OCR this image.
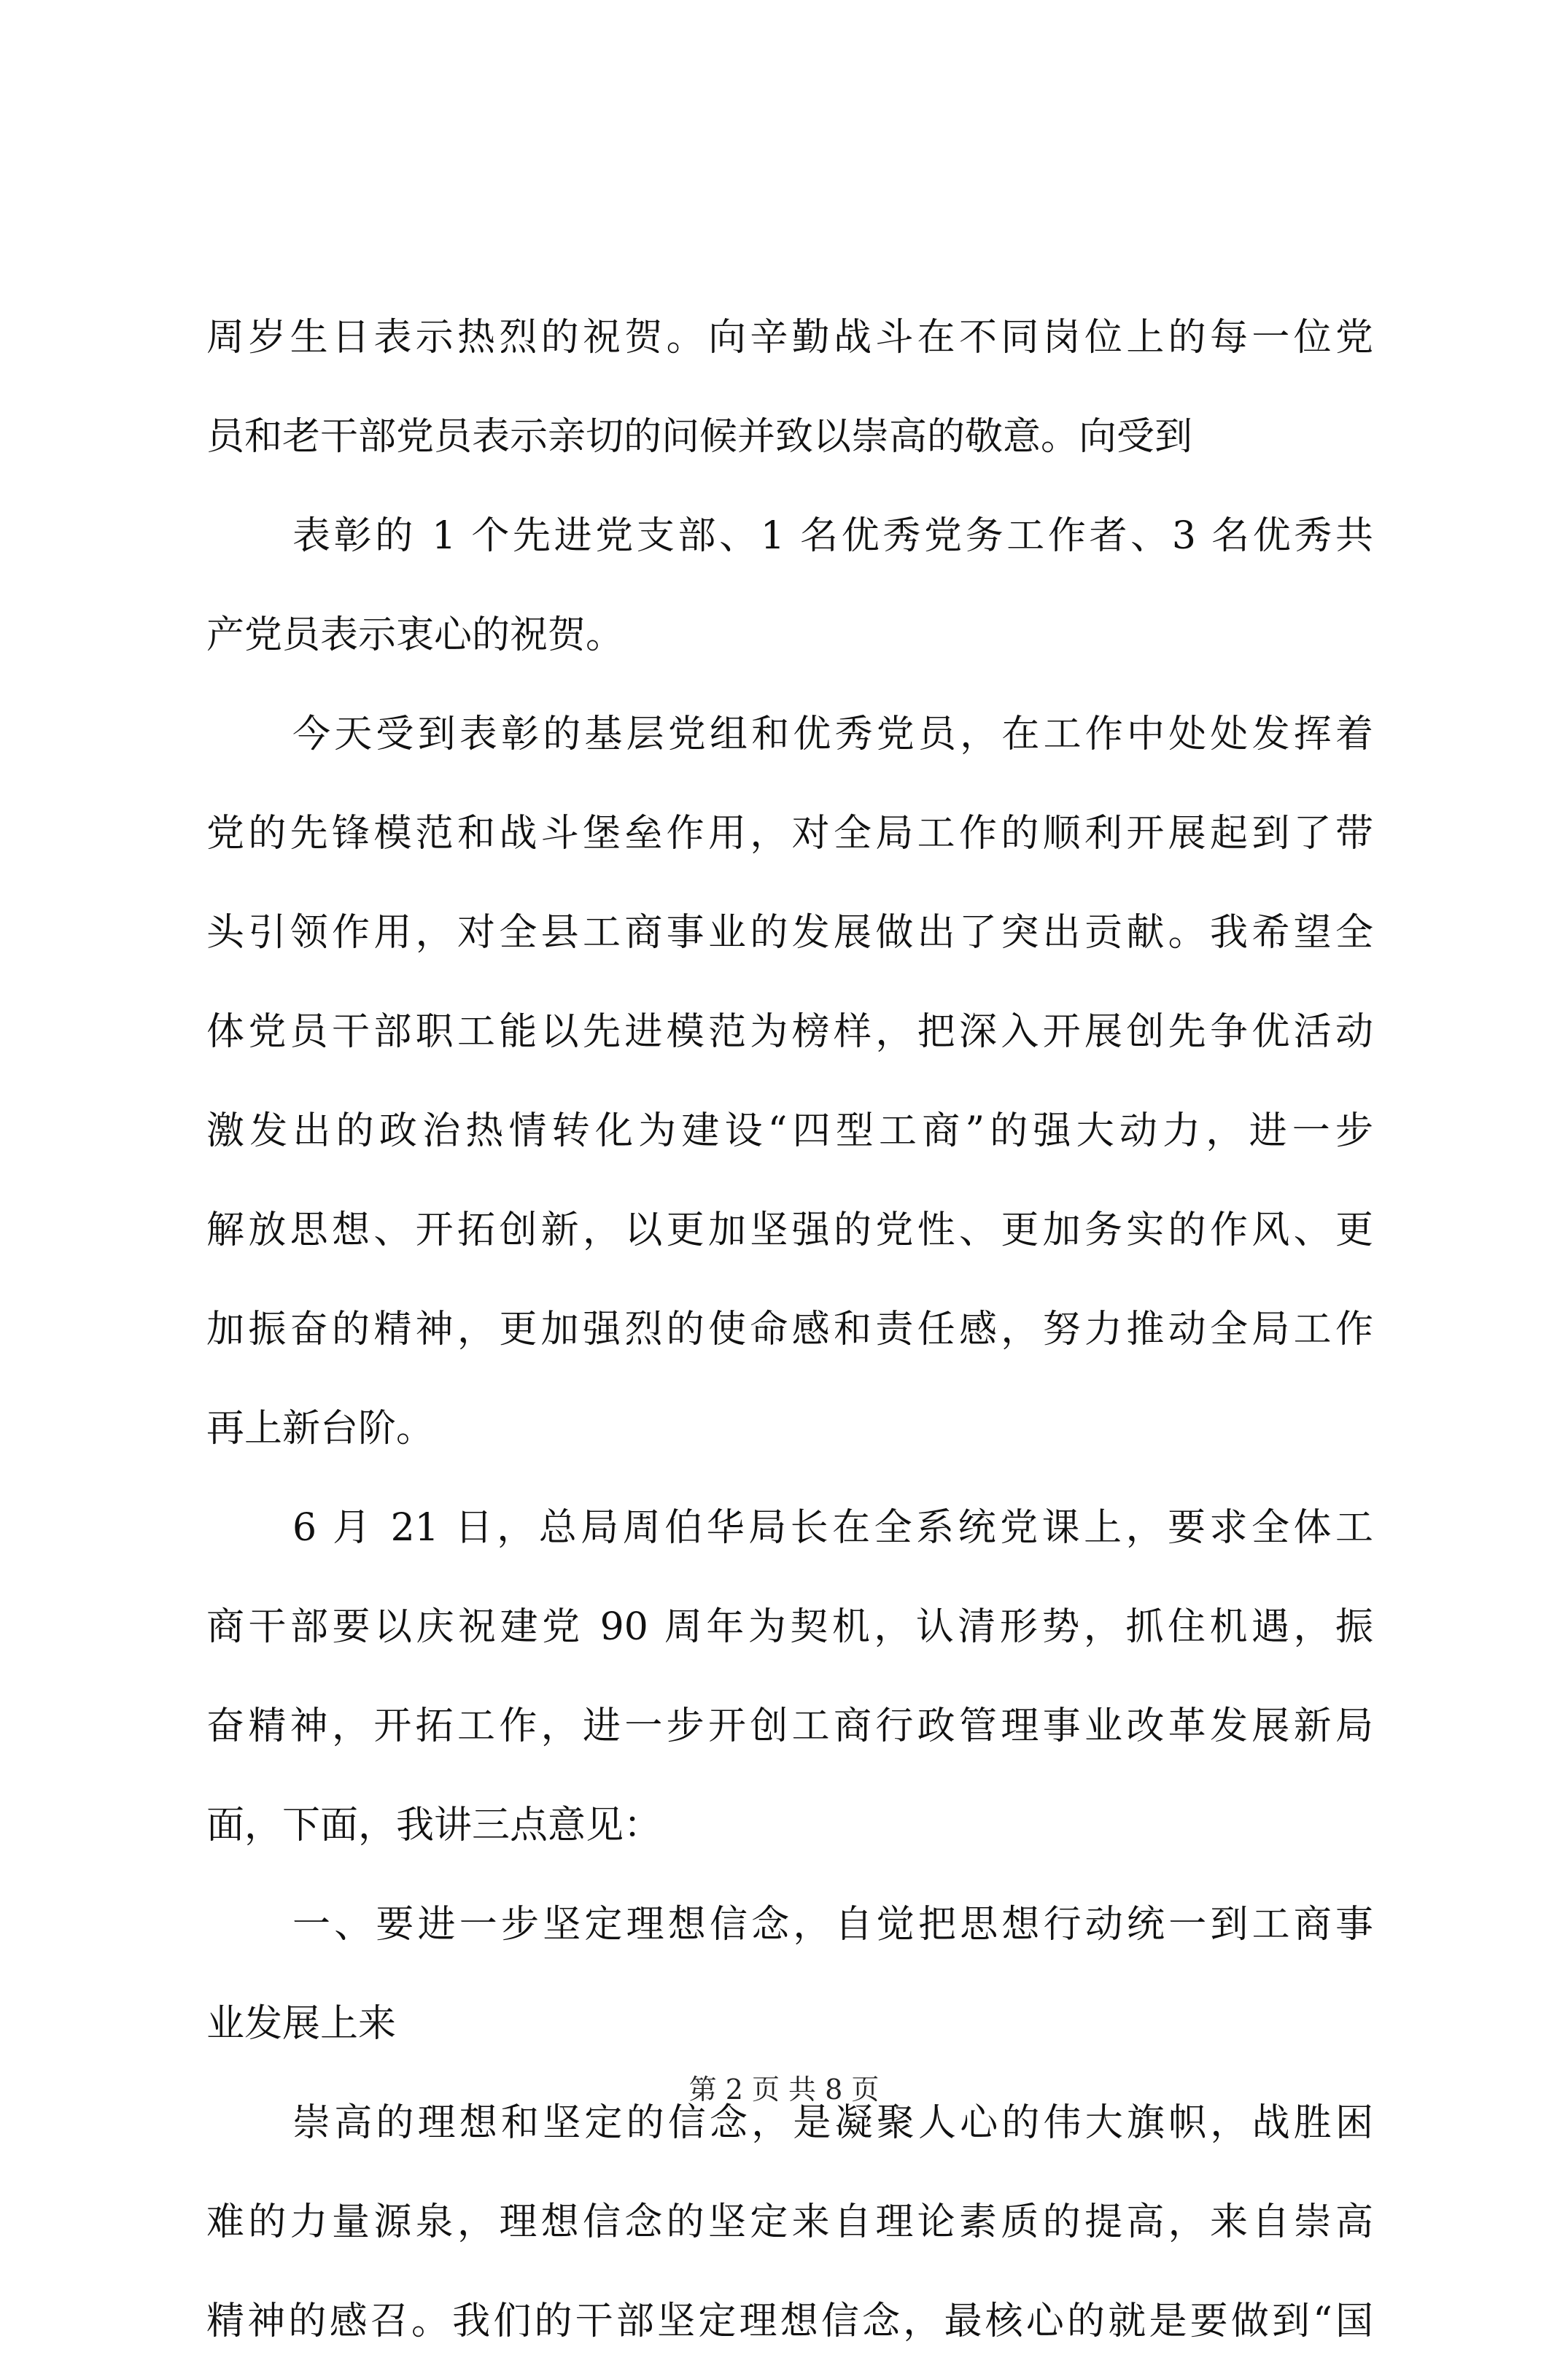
周岁生日表示热烈的祝贺。向辛勤战斗在不同岗位上的每一位党
员和老干部党员表示亲切的问候并致以崇高的敬意。向受到
表彰的 1 个先进党支部、1 名优秀党务工作者、3 名优秀共
产党员表示衷心的祝贺。
今天受到表彰的基层党组和优秀党员，在工作中处处发挥着
党的先锋模范和战斗堡垒作用，对全局工作的顺利开展起到了带
头引领作用，对全县工商事业的发展做出了突出贡献。我希望全
体党员干部职工能以先进模范为榜样，把深入开展创先争优活动
激发出的政治热情转化为建设“四型工商”的强大动力，进一步
解放思想、开拓创新，以更加坚强的党性、更加务实的作风、更
加振奋的精神，更加强烈的使命感和责任感，努力推动全局工作
再上新台阶。
6 月 21 日，总局周伯华局长在全系统党课上，要求全体工
商干部要以庆祝建党 90 周年为契机，认清形势，抓住机遇，振
奋精神，开拓工作，进一步开创工商行政管理事业改革发展新局
面，下面，我讲三点意见：
一、要进一步坚定理想信念，自觉把思想行动统一到工商事
业发展上来
崇高的理想和坚定的信念，是凝聚人心的伟大旗帜，战胜困
难的力量源泉，理想信念的坚定来自理论素质的提高，来自崇高
精神的感召。我们的干部坚定理想信念，最核心的就是要做到“国
第 2 页 共 8 页
